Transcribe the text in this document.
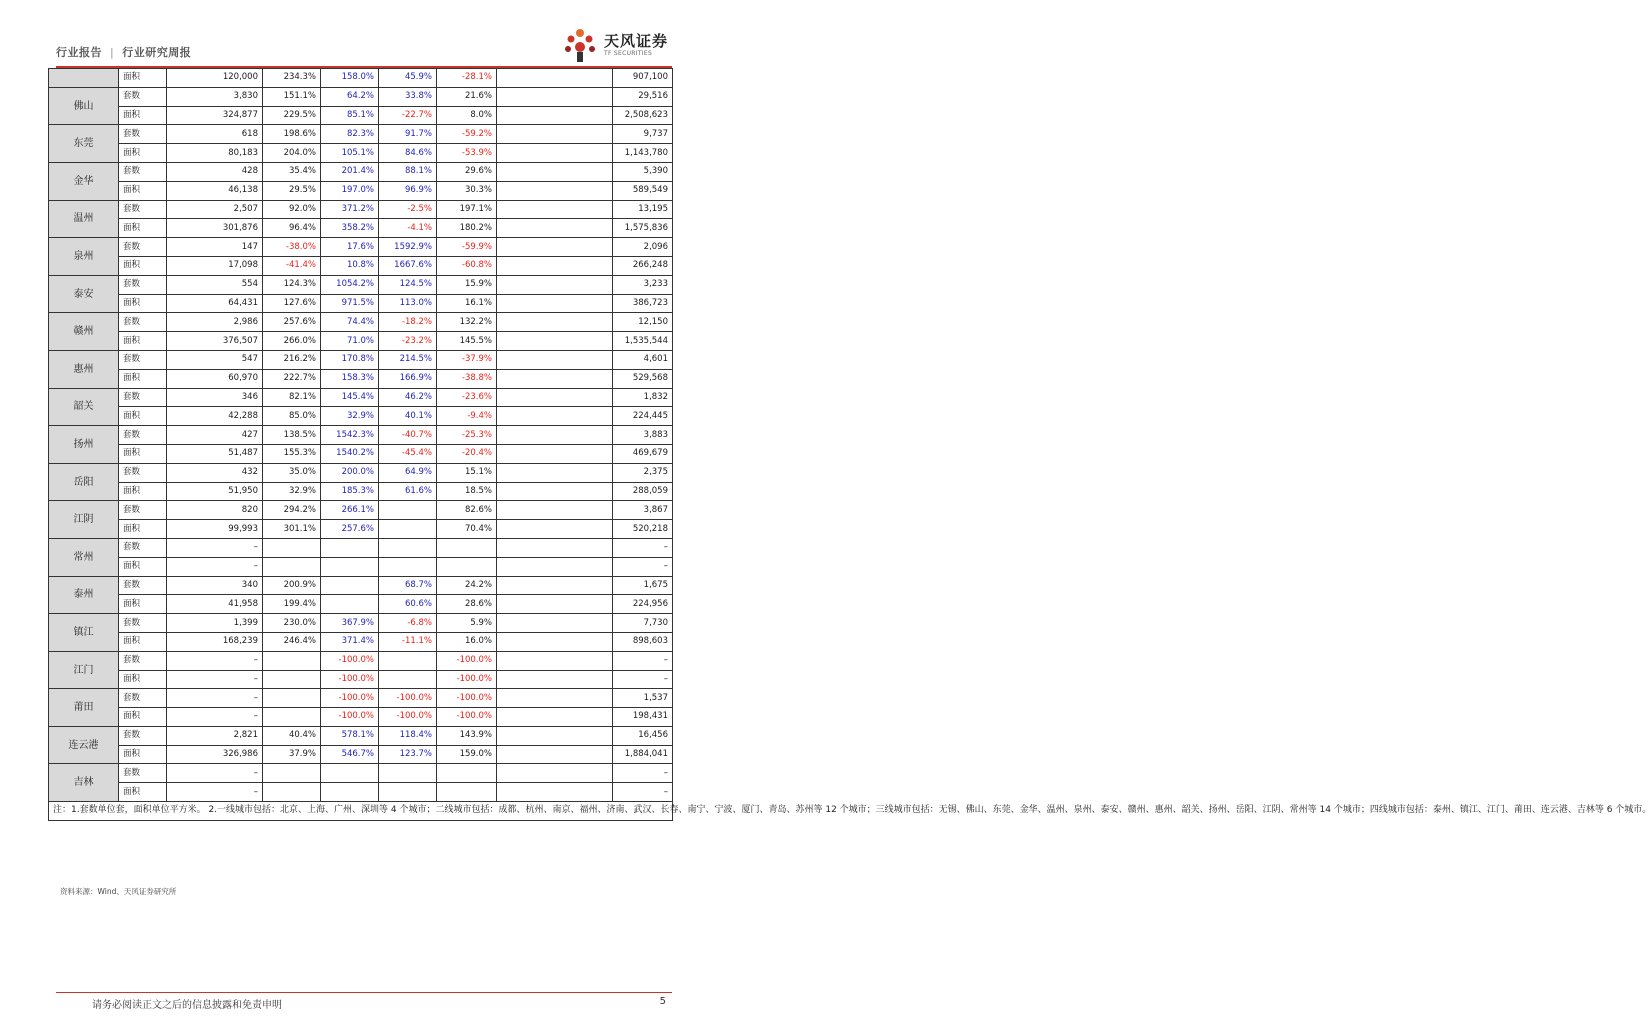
行业报告 | 行业研究周报
天风证券
TF SECURITIES
	面积	120,000	234.3%	158.0%	45.9%	-28.1%		907,100	
佛山	套数	3,830	151.1%	64.2%	33.8%	21.6%		29,516	
	面积	324,877	229.5%	85.1%	-22.7%	8.0%		2,508,623	
东莞	套数	618	198.6%	82.3%	91.7%	-59.2%		9,737	
	面积	80,183	204.0%	105.1%	84.6%	-53.9%		1,143,780	
金华	套数	428	35.4%	201.4%	88.1%	29.6%		5,390	
	面积	46,138	29.5%	197.0%	96.9%	30.3%		589,549	
温州	套数	2,507	92.0%	371.2%	-2.5%	197.1%		13,195	
	面积	301,876	96.4%	358.2%	-4.1%	180.2%		1,575,836	
泉州	套数	147	-38.0%	17.6%	1592.9%	-59.9%		2,096	
	面积	17,098	-41.4%	10.8%	1667.6%	-60.8%		266,248	
泰安	套数	554	124.3%	1054.2%	124.5%	15.9%		3,233	
	面积	64,431	127.6%	971.5%	113.0%	16.1%		386,723	
赣州	套数	2,986	257.6%	74.4%	-18.2%	132.2%		12,150	
	面积	376,507	266.0%	71.0%	-23.2%	145.5%		1,535,544	
惠州	套数	547	216.2%	170.8%	214.5%	-37.9%		4,601	
	面积	60,970	222.7%	158.3%	166.9%	-38.8%		529,568	
韶关	套数	346	82.1%	145.4%	46.2%	-23.6%		1,832	
	面积	42,288	85.0%	32.9%	40.1%	-9.4%		224,445	
扬州	套数	427	138.5%	1542.3%	-40.7%	-25.3%		3,883	
	面积	51,487	155.3%	1540.2%	-45.4%	-20.4%		469,679	
岳阳	套数	432	35.0%	200.0%	64.9%	15.1%		2,375	
	面积	51,950	32.9%	185.3%	61.6%	18.5%		288,059	
江阴	套数	820	294.2%	266.1%		82.6%		3,867	
	面积	99,993	301.1%	257.6%		70.4%		520,218	
常州	套数	–						–	
	面积	–						–	
泰州	套数	340	200.9%		68.7%	24.2%		1,675	
	面积	41,958	199.4%		60.6%	28.6%		224,956	
镇江	套数	1,399	230.0%	367.9%	-6.8%	5.9%		7,730	
	面积	168,239	246.4%	371.4%	-11.1%	16.0%		898,603	
江门	套数	–		-100.0%		-100.0%		–	
	面积	–		-100.0%		-100.0%		–	
莆田	套数	–		-100.0%	-100.0%	-100.0%		1,537	
	面积	–		-100.0%	-100.0%	-100.0%		198,431	
连云港	套数	2,821	40.4%	578.1%	118.4%	143.9%		16,456	
	面积	326,986	37.9%	546.7%	123.7%	159.0%		1,884,041	
吉林	套数	–						–	
	面积	–						–	
注：1.套数单位套，面积单位平方米。 2.一线城市包括：北京、上海、广州、深圳等 4 个城市；二线城市包括：成都、杭州、南京、福州、济南、武汉、长春、南宁、宁波、厦门、青岛、苏州等 12 个城市；三线城市包括：无锡、佛山、东莞、金华、温州、泉州、泰安、赣州、惠州、韶关、扬州、岳阳、江阴、常州等 14 个城市；四线城市包括：泰州、镇江、江门、莆田、连云港、吉林等 6 个城市。									
资料来源：Wind、天风证券研究所
请务必阅读正文之后的信息披露和免责申明	5
